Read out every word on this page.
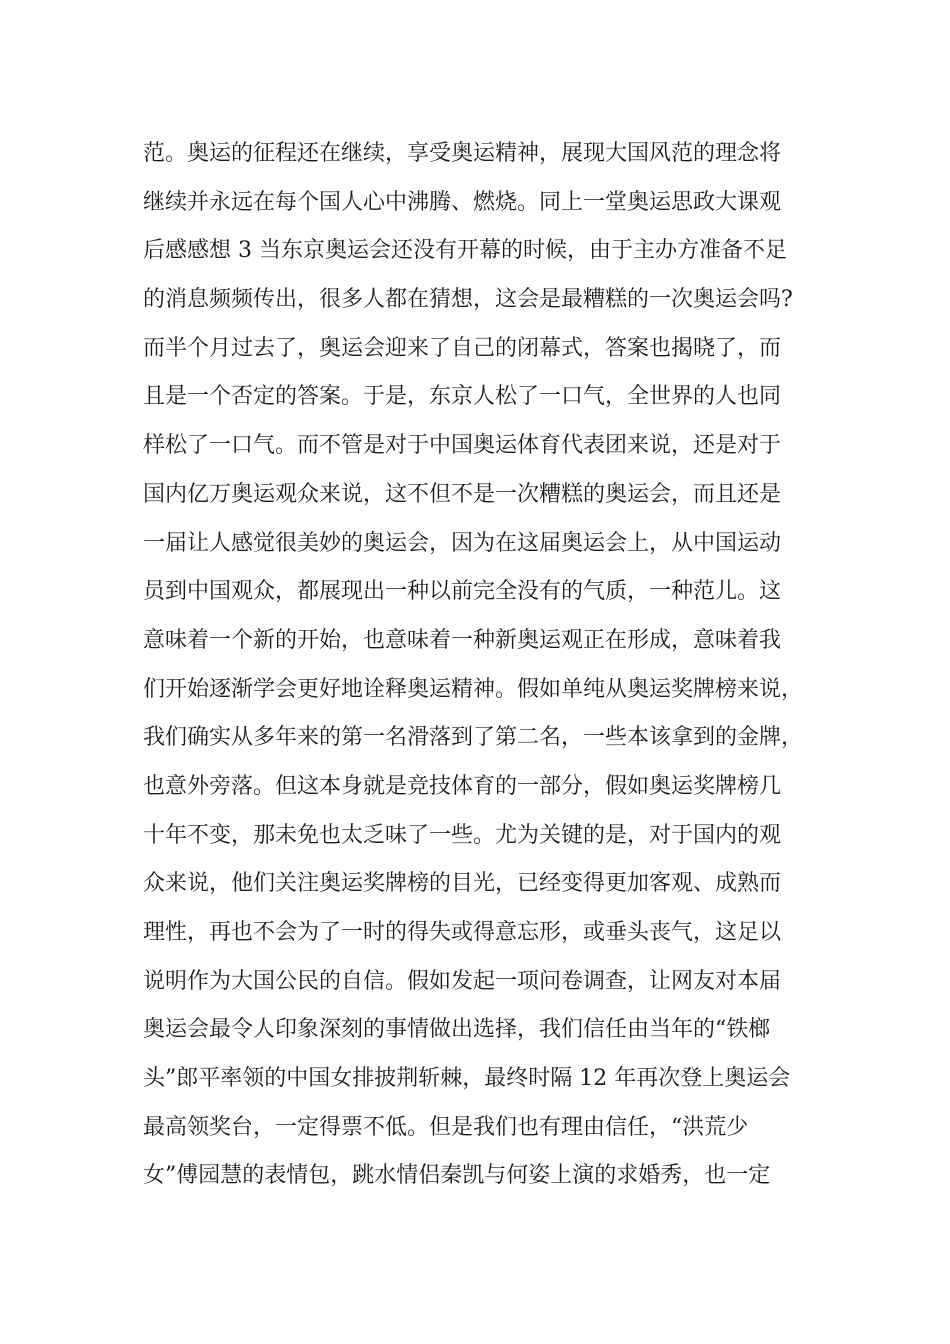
范。奥运的征程还在继续，享受奥运精神，展现大国风范的理念将
继续并永远在每个国人心中沸腾、燃烧。同上一堂奥运思政大课观
后感感想 3 当东京奥运会还没有开幕的时候，由于主办方准备不足
的消息频频传出，很多人都在猜想，这会是最糟糕的一次奥运会吗?
而半个月过去了，奥运会迎来了自己的闭幕式，答案也揭晓了，而
且是一个否定的答案。于是，东京人松了一口气，全世界的人也同
样松了一口气。而不管是对于中国奥运体育代表团来说，还是对于
国内亿万奥运观众来说，这不但不是一次糟糕的奥运会，而且还是
一届让人感觉很美妙的奥运会，因为在这届奥运会上，从中国运动
员到中国观众，都展现出一种以前完全没有的气质，一种范儿。这
意味着一个新的开始，也意味着一种新奥运观正在形成，意味着我
们开始逐渐学会更好地诠释奥运精神。假如单纯从奥运奖牌榜来说，
我们确实从多年来的第一名滑落到了第二名，一些本该拿到的金牌，
也意外旁落。但这本身就是竞技体育的一部分，假如奥运奖牌榜几
十年不变，那未免也太乏味了一些。尤为关键的是，对于国内的观
众来说，他们关注奥运奖牌榜的目光，已经变得更加客观、成熟而
理性，再也不会为了一时的得失或得意忘形，或垂头丧气，这足以
说明作为大国公民的自信。假如发起一项问卷调查，让网友对本届
奥运会最令人印象深刻的事情做出选择，我们信任由当年的“铁榔
头”郎平率领的中国女排披荆斩棘，最终时隔 12 年再次登上奥运会
最高领奖台，一定得票不低。但是我们也有理由信任，“洪荒少
女”傅园慧的表情包，跳水情侣秦凯与何姿上演的求婚秀，也一定
